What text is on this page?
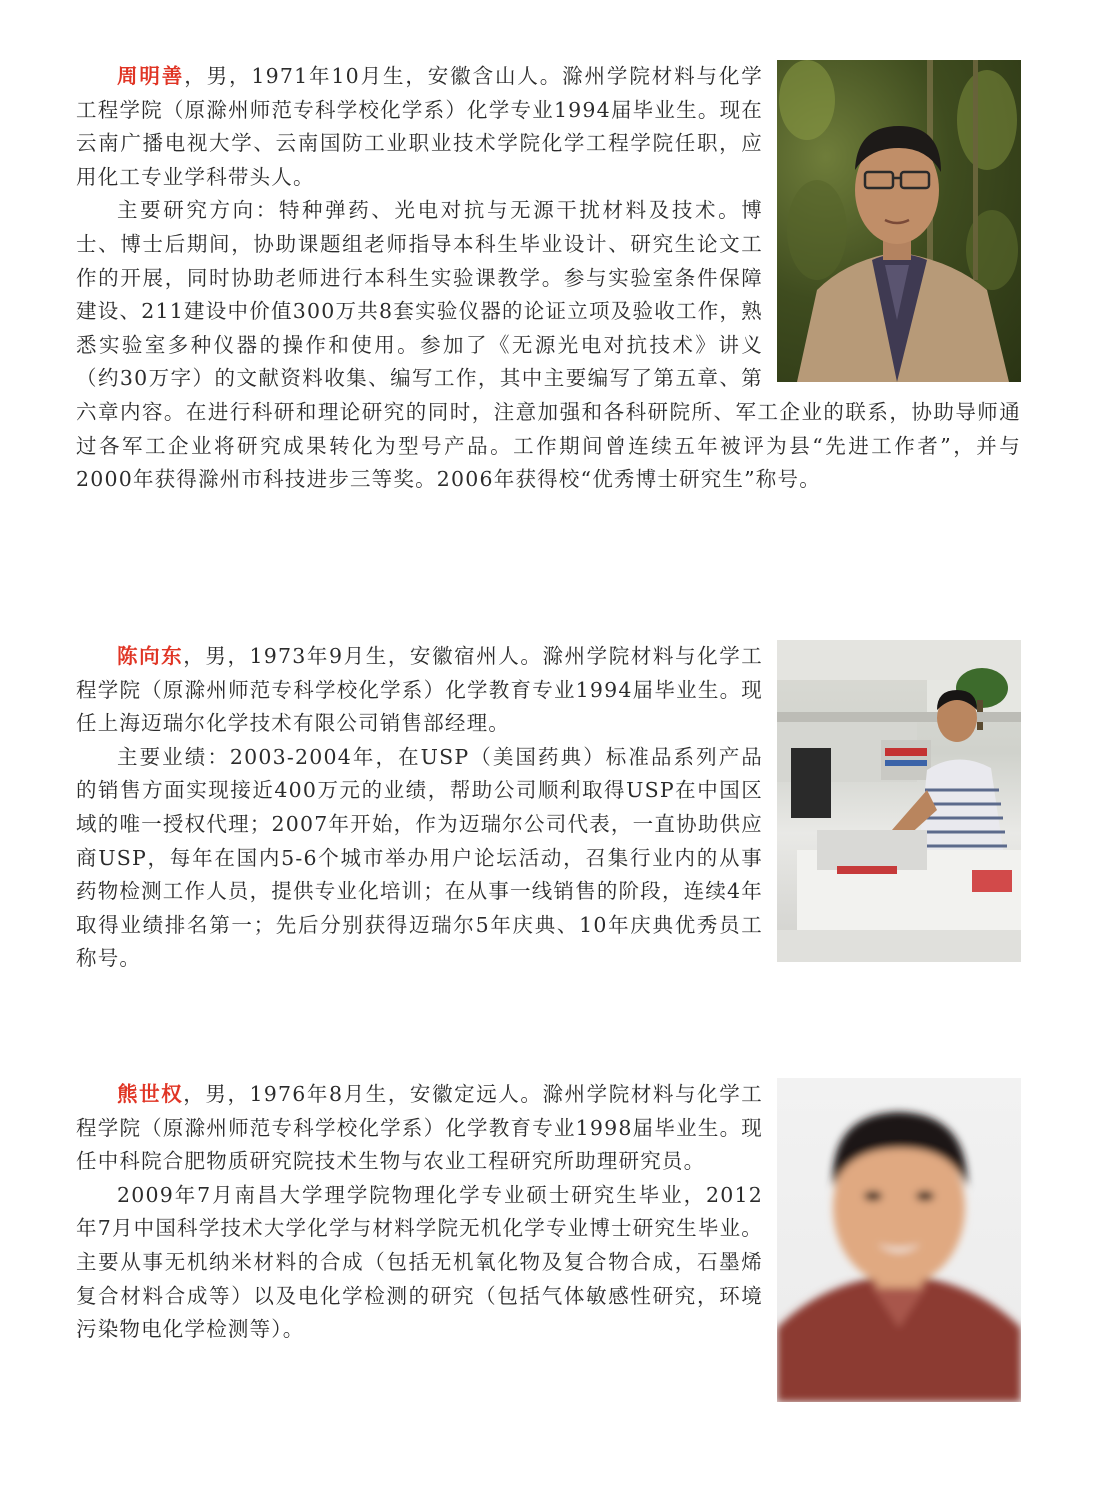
周明善，男，1971年10月生，安徽含山人。滁州学院材料与化学工程学院（原滁州师范专科学校化学系）化学专业1994届毕业生。现在云南广播电视大学、云南国防工业职业技术学院化学工程学院任职，应用化工专业学科带头人。

主要研究方向：特种弹药、光电对抗与无源干扰材料及技术。博士、博士后期间，协助课题组老师指导本科生毕业设计、研究生论文工作的开展，同时协助老师进行本科生实验课教学。参与实验室条件保障建设、211建设中价值300万共8套实验仪器的论证立项及验收工作，熟悉实验室多种仪器的操作和使用。参加了《无源光电对抗技术》讲义（约30万字）的文献资料收集、编写工作，其中主要编写了第五章、第六章内容。在进行科研和理论研究的同时，注意加强和各科研院所、军工企业的联系，协助导师通过各军工企业将研究成果转化为型号产品。工作期间曾连续五年被评为县“先进工作者”，并与2000年获得滁州市科技进步三等奖。2006年获得校“优秀博士研究生”称号。

陈向东，男，1973年9月生，安徽宿州人。滁州学院材料与化学工程学院（原滁州师范专科学校化学系）化学教育专业1994届毕业生。现任上海迈瑞尔化学技术有限公司销售部经理。

主要业绩：2003-2004年，在USP（美国药典）标准品系列产品的销售方面实现接近400万元的业绩，帮助公司顺利取得USP在中国区域的唯一授权代理；2007年开始，作为迈瑞尔公司代表，一直协助供应商USP，每年在国内5-6个城市举办用户论坛活动，召集行业内的从事药物检测工作人员，提供专业化培训；在从事一线销售的阶段，连续4年取得业绩排名第一；先后分别获得迈瑞尔5年庆典、10年庆典优秀员工称号。

熊世权，男，1976年8月生，安徽定远人。滁州学院材料与化学工程学院（原滁州师范专科学校化学系）化学教育专业1998届毕业生。现任中科院合肥物质研究院技术生物与农业工程研究所助理研究员。

2009年7月南昌大学理学院物理化学专业硕士研究生毕业，2012年7月中国科学技术大学化学与材料学院无机化学专业博士研究生毕业。主要从事无机纳米材料的合成（包括无机氧化物及复合物合成，石墨烯复合材料合成等）以及电化学检测的研究（包括气体敏感性研究，环境污染物电化学检测等）。
